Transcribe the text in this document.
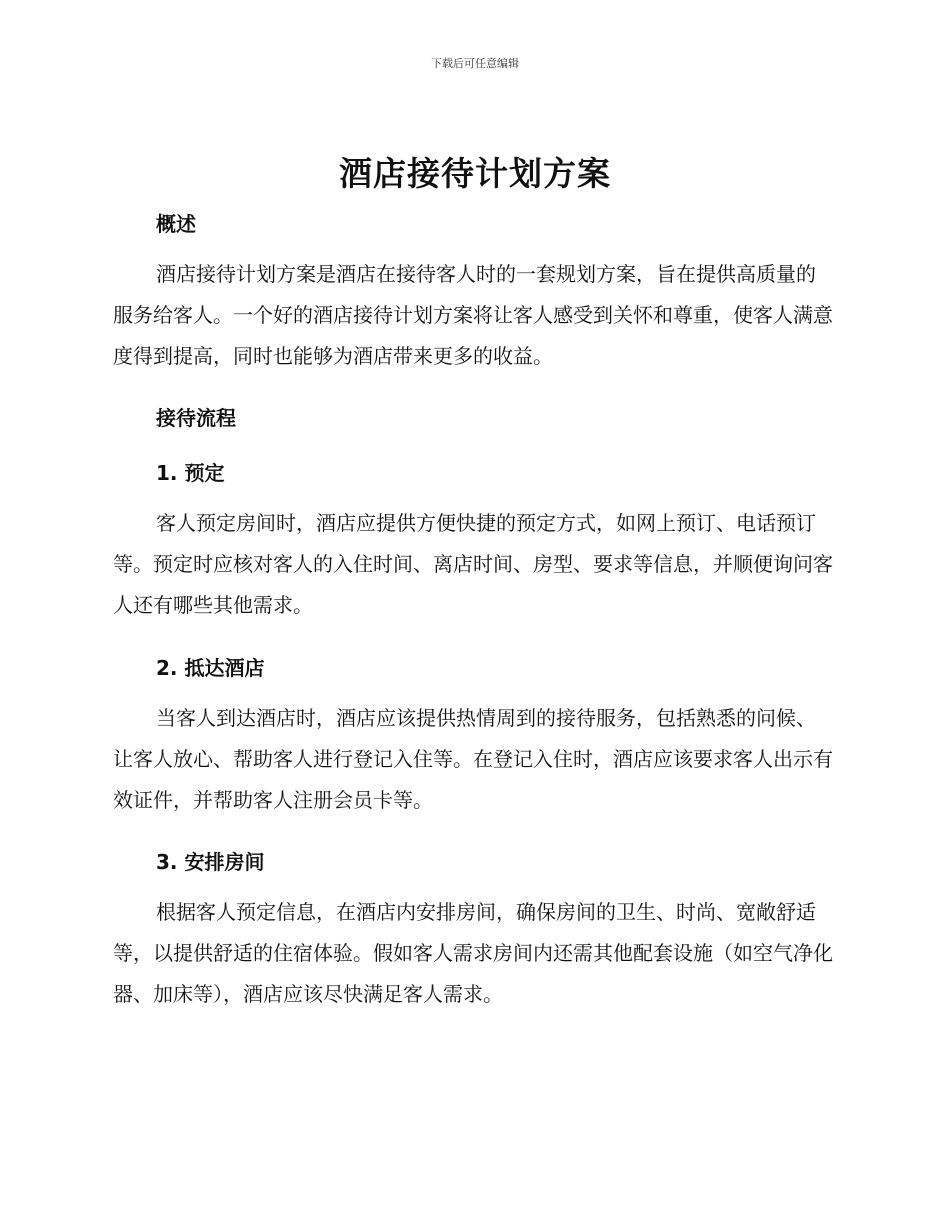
下载后可任意编辑
酒店接待计划方案
概述

酒店接待计划方案是酒店在接待客人时的一套规划方案，旨在提供高质量的服务给客人。一个好的酒店接待计划方案将让客人感受到关怀和尊重，使客人满意度得到提高，同时也能够为酒店带来更多的收益。

接待流程
1. 预定

客人预定房间时，酒店应提供方便快捷的预定方式，如网上预订、电话预订等。预定时应核对客人的入住时间、离店时间、房型、要求等信息，并顺便询问客人还有哪些其他需求。

2. 抵达酒店

当客人到达酒店时，酒店应该提供热情周到的接待服务，包括熟悉的问候、让客人放心、帮助客人进行登记入住等。在登记入住时，酒店应该要求客人出示有效证件，并帮助客人注册会员卡等。

3. 安排房间

根据客人预定信息，在酒店内安排房间，确保房间的卫生、时尚、宽敞舒适等，以提供舒适的住宿体验。假如客人需求房间内还需其他配套设施（如空气净化器、加床等），酒店应该尽快满足客人需求。
